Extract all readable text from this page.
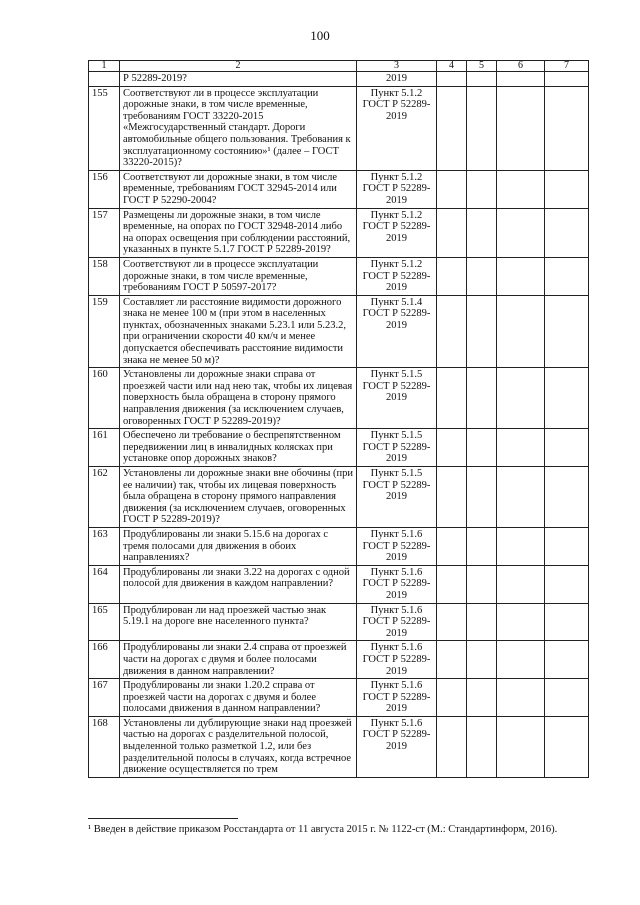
100
1	2	3	4	5	6	7
	Р 52289-2019?	2019				
155	Соответствуют ли в процессе эксплуатации дорожные знаки, в том числе временные, требованиям ГОСТ 33220-2015 «Межгосударственный стандарт. Дороги автомобильные общего пользования. Требования к эксплуатационному состоянию»¹ (далее – ГОСТ 33220-2015)?	Пункт 5.1.2 ГОСТ Р 52289-2019				
156	Соответствуют ли дорожные знаки, в том числе временные, требованиям ГОСТ 32945-2014 или ГОСТ Р 52290-2004?	Пункт 5.1.2 ГОСТ Р 52289-2019				
157	Размещены ли дорожные знаки, в том числе временные, на опорах по ГОСТ 32948-2014 либо на опорах освещения при соблюдении расстояний, указанных в пункте 5.1.7 ГОСТ Р 52289-2019?	Пункт 5.1.2 ГОСТ Р 52289-2019				
158	Соответствуют ли в процессе эксплуатации дорожные знаки, в том числе временные, требованиям ГОСТ Р 50597-2017?	Пункт 5.1.2 ГОСТ Р 52289-2019				
159	Составляет ли расстояние видимости дорожного знака не менее 100 м (при этом в населенных пунктах, обозначенных знаками 5.23.1 или 5.23.2, при ограничении скорости 40 км/ч и менее допускается обеспечивать расстояние видимости знака не менее 50 м)?	Пункт 5.1.4 ГОСТ Р 52289-2019				
160	Установлены ли дорожные знаки справа от проезжей части или над нею так, чтобы их лицевая поверхность была обращена в сторону прямого направления движения (за исключением случаев, оговоренных ГОСТ Р 52289-2019)?	Пункт 5.1.5 ГОСТ Р 52289-2019				
161	Обеспечено ли требование о беспрепятственном передвижении лиц в инвалидных колясках при установке опор дорожных знаков?	Пункт 5.1.5 ГОСТ Р 52289-2019				
162	Установлены ли дорожные знаки вне обочины (при ее наличии) так, чтобы их лицевая поверхность была обращена в сторону прямого направления движения (за исключением случаев, оговоренных ГОСТ Р 52289-2019)?	Пункт 5.1.5 ГОСТ Р 52289-2019				
163	Продублированы ли знаки 5.15.6 на дорогах с тремя полосами для движения в обоих направлениях?	Пункт 5.1.6 ГОСТ Р 52289-2019				
164	Продублированы ли знаки 3.22 на дорогах с одной полосой для движения в каждом направлении?	Пункт 5.1.6 ГОСТ Р 52289-2019				
165	Продублирован ли над проезжей частью знак 5.19.1 на дороге вне населенного пункта?	Пункт 5.1.6 ГОСТ Р 52289-2019				
166	Продублированы ли знаки 2.4 справа от проезжей части на дорогах с двумя и более полосами движения в данном направлении?	Пункт 5.1.6 ГОСТ Р 52289-2019				
167	Продублированы ли знаки 1.20.2 справа от проезжей части на дорогах с двумя и более полосами движения в данном направлении?	Пункт 5.1.6 ГОСТ Р 52289-2019				
168	Установлены ли дублирующие знаки над проезжей частью на дорогах с разделительной полосой, выделенной только разметкой 1.2, или без разделительной полосы в случаях, когда встречное движение осуществляется по трем	Пункт 5.1.6 ГОСТ Р 52289-2019				
¹ Введен в действие приказом Росстандарта от 11 августа 2015 г. № 1122-ст (М.: Стандартинформ, 2016).
